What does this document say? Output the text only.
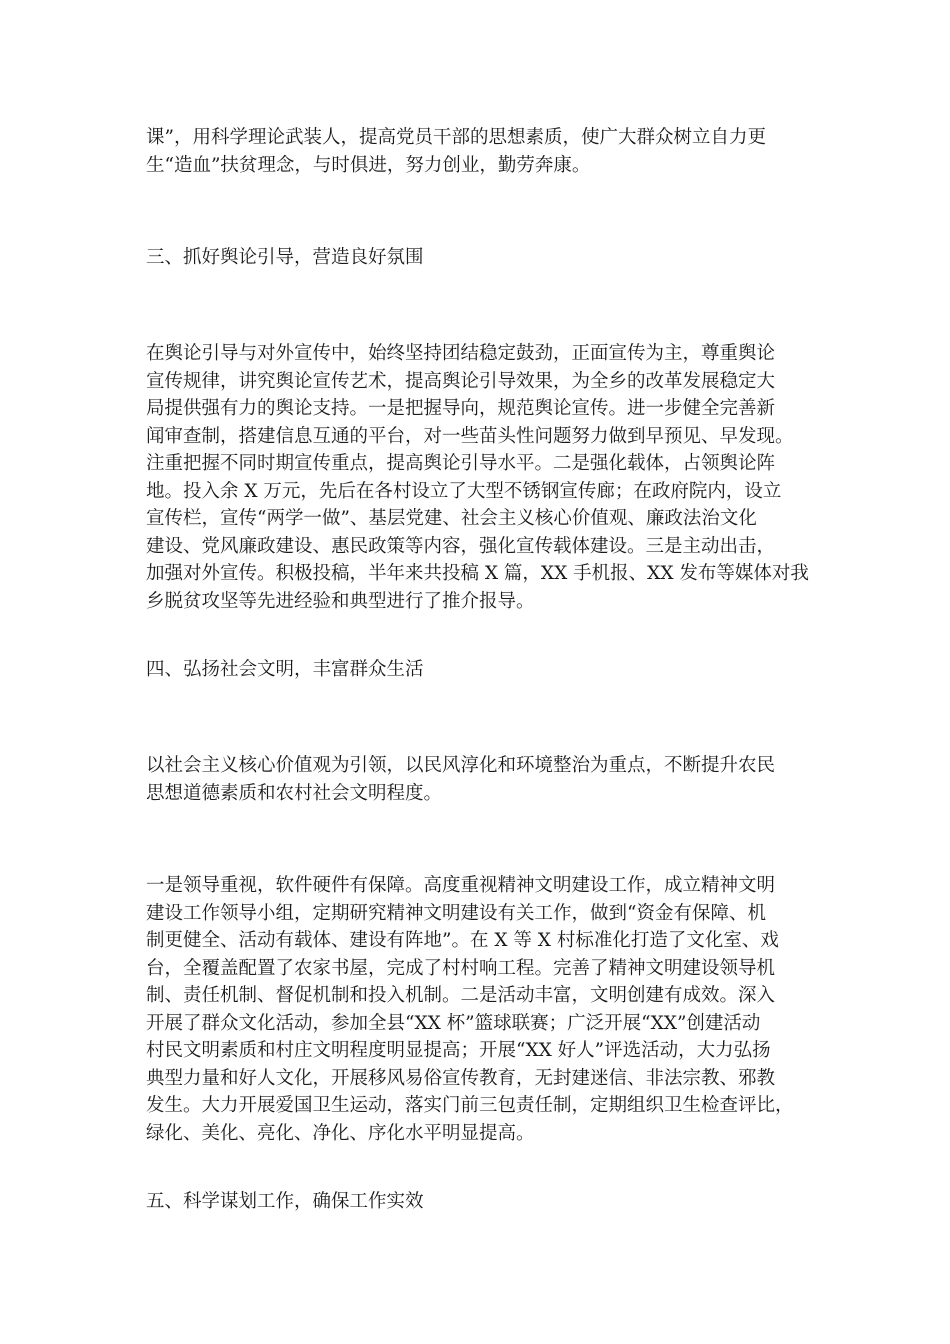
课”，用科学理论武装人，提高党员干部的思想素质，使广大群众树立自力更
生“造血”扶贫理念，与时俱进，努力创业，勤劳奔康。
三、抓好舆论引导，营造良好氛围
在舆论引导与对外宣传中，始终坚持团结稳定鼓劲，正面宣传为主，尊重舆论
宣传规律，讲究舆论宣传艺术，提高舆论引导效果，为全乡的改革发展稳定大
局提供强有力的舆论支持。一是把握导向，规范舆论宣传。进一步健全完善新
闻审查制，搭建信息互通的平台，对一些苗头性问题努力做到早预见、早发现。
注重把握不同时期宣传重点，提高舆论引导水平。二是强化载体，占领舆论阵
地。投入余 X 万元，先后在各村设立了大型不锈钢宣传廊；在政府院内，设立
宣传栏，宣传“两学一做”、基层党建、社会主义核心价值观、廉政法治文化
建设、党风廉政建设、惠民政策等内容，强化宣传载体建设。三是主动出击，
加强对外宣传。积极投稿，半年来共投稿 X 篇，XX 手机报、XX 发布等媒体对我
乡脱贫攻坚等先进经验和典型进行了推介报导。
四、弘扬社会文明，丰富群众生活
以社会主义核心价值观为引领，以民风淳化和环境整治为重点，不断提升农民
思想道德素质和农村社会文明程度。
一是领导重视，软件硬件有保障。高度重视精神文明建设工作，成立精神文明
建设工作领导小组，定期研究精神文明建设有关工作，做到“资金有保障、机
制更健全、活动有载体、建设有阵地”。在 X 等 X 村标准化打造了文化室、戏
台，全覆盖配置了农家书屋，完成了村村响工程。完善了精神文明建设领导机
制、责任机制、督促机制和投入机制。二是活动丰富，文明创建有成效。深入
开展了群众文化活动，参加全县“XX 杯”篮球联赛；广泛开展“XX”创建活动
村民文明素质和村庄文明程度明显提高；开展“XX 好人”评选活动，大力弘扬
典型力量和好人文化，开展移风易俗宣传教育，无封建迷信、非法宗教、邪教
发生。大力开展爱国卫生运动，落实门前三包责任制，定期组织卫生检查评比，
绿化、美化、亮化、净化、序化水平明显提高。
五、科学谋划工作，确保工作实效
